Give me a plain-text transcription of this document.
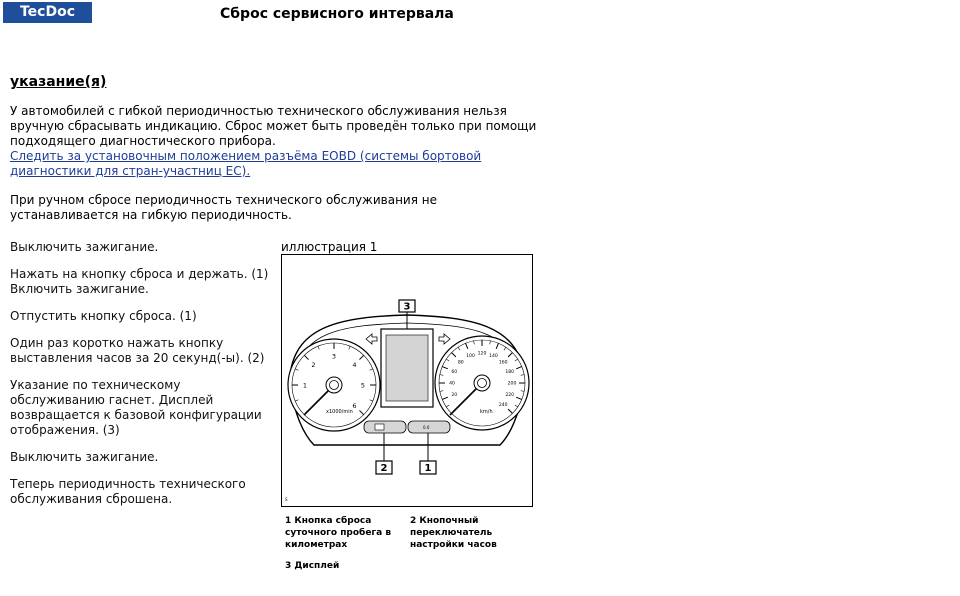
TecDoc	Сброс сервисного интервала
указание(я)
У автомобилей с гибкой периодичностью технического обслуживания нельзя вручную сбрасывать индикацию. Сброс может быть проведён только при помощи подходящего диагностического прибора.
Следить за установочным положением разъёма EOBD (системы бортовой диагностики для стран-участниц ЕС).

При ручном сбросе периодичность технического обслуживания не устанавливается на гибкую периодичность.

Выключить зажигание.

Нажать на кнопку сброса и держать. (1)
Включить зажигание.

Отпустить кнопку сброса. (1)

Один раз коротко нажать кнопку выставления часов за 20 секунд(-ы). (2)

Указание по техническому обслуживанию гаснет. Дисплей возвращается к базовой конфигурации отображения. (3)

Выключить зажигание.

Теперь периодичность технического обслуживания сброшена.

иллюстрация 1
1
2
3
4
5
6
x1000/min
20
40
60
80
100 120 140
160
180
200
220
240
km/h
0.0
3
2	1
S

1 Кнопка сброса суточного пробега в километрах

2 Кнопочный переключатель настройки часов

3 Дисплей
